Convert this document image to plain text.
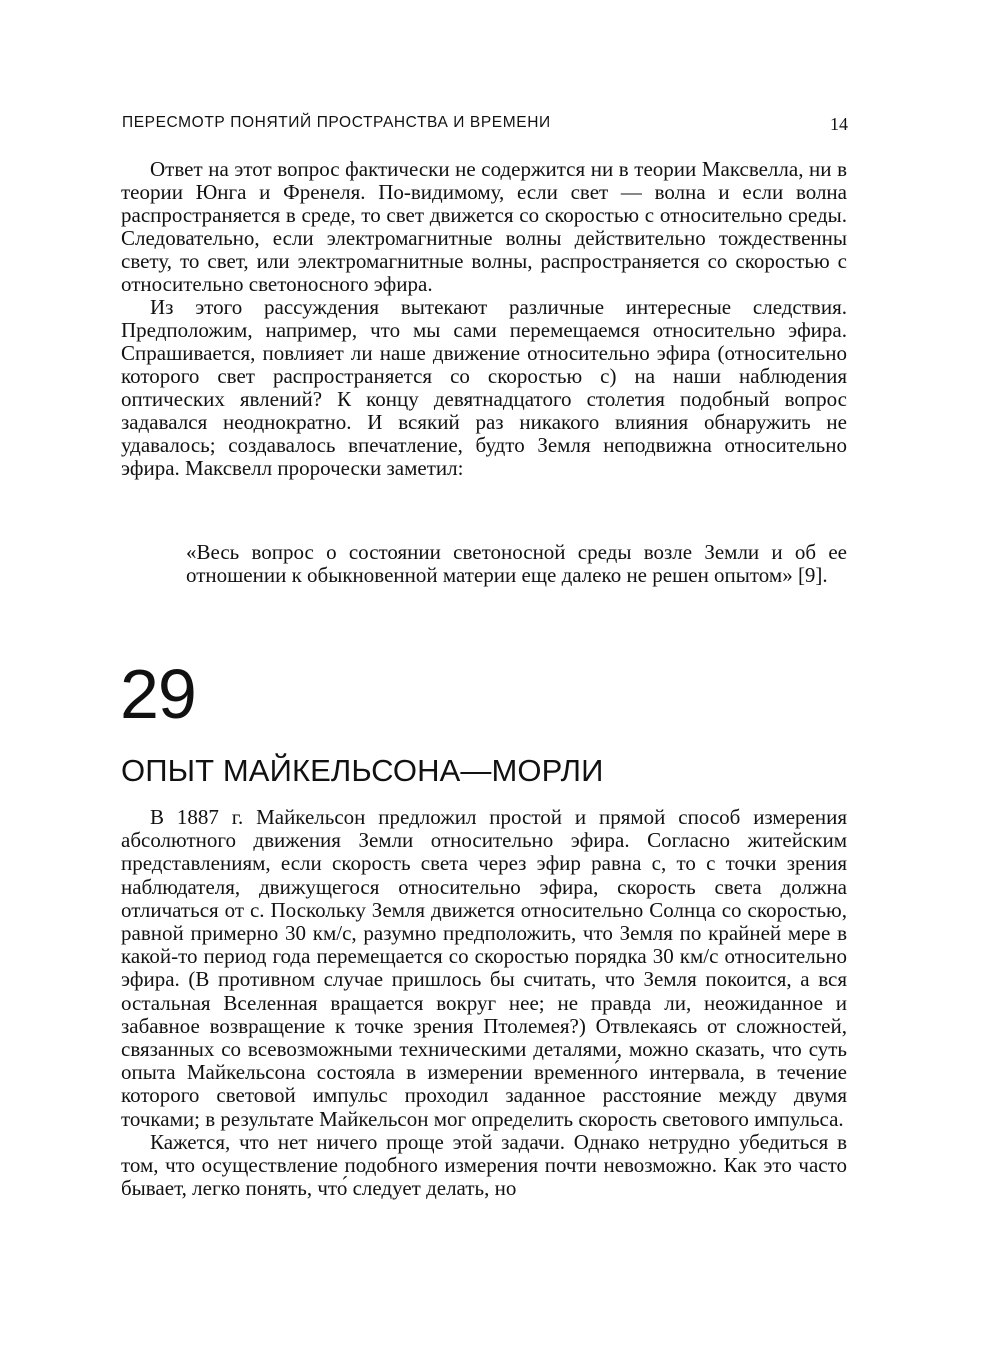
ПЕРЕСМОТР ПОНЯТИЙ ПРОСТРАНСТВА И ВРЕМЕНИ	14

Ответ на этот вопрос фактически не содержится ни в теории Максвелла, ни в теории Юнга и Френеля. По-видимому, если свет — волна и если волна распространяется в среде, то свет движется со скоростью c относительно среды. Следовательно, если электромагнитные волны действительно тождественны свету, то свет, или электромагнитные волны, распространяется со скоростью c относительно светоносного эфира.

Из этого рассуждения вытекают различные интересные следствия. Предположим, например, что мы сами перемещаемся относительно эфира. Спрашивается, повлияет ли наше движение относительно эфира (относительно которого свет распространяется со скоростью c) на наши наблюдения оптических явлений? К концу девятнадцатого столетия подобный вопрос задавался неоднократно. И всякий раз никакого влияния обнаружить не удавалось; создавалось впечатление, будто Земля неподвижна относительно эфира. Максвелл пророчески заметил:

«Весь вопрос о состоянии светоносной среды возле Земли и об ее отношении к обыкновенной материи еще далеко не решен опытом» [9].

29
ОПЫТ МАЙКЕЛЬСОНА—МОРЛИ

В 1887 г. Майкельсон предложил простой и прямой способ измерения абсолютного движения Земли относительно эфира. Согласно житейским представлениям, если скорость света через эфир равна c, то с точки зрения наблюдателя, движущегося относительно эфира, скорость света должна отличаться от c. Поскольку Земля движется относительно Солнца со скоростью, равной примерно 30 км/с, разумно предположить, что Земля по крайней мере в какой-то период года перемещается со скоростью порядка 30 км/с относительно эфира. (В противном случае пришлось бы считать, что Земля покоится, а вся остальная Вселенная вращается вокруг нее; не правда ли, неожиданное и забавное возвращение к точке зрения Птолемея?) Отвлекаясь от сложностей, связанных со всевозможными техническими деталями, можно сказать, что суть опыта Майкельсона состояла в измерении временно́го интервала, в течение которого световой импульс проходил заданное расстояние между двумя точками; в результате Майкельсон мог определить скорость светового импульса.

Кажется, что нет ничего проще этой задачи. Однако нетрудно убедиться в том, что осуществление подобного измерения почти невозможно. Как это часто бывает, легко понять, что́ следует делать, но
